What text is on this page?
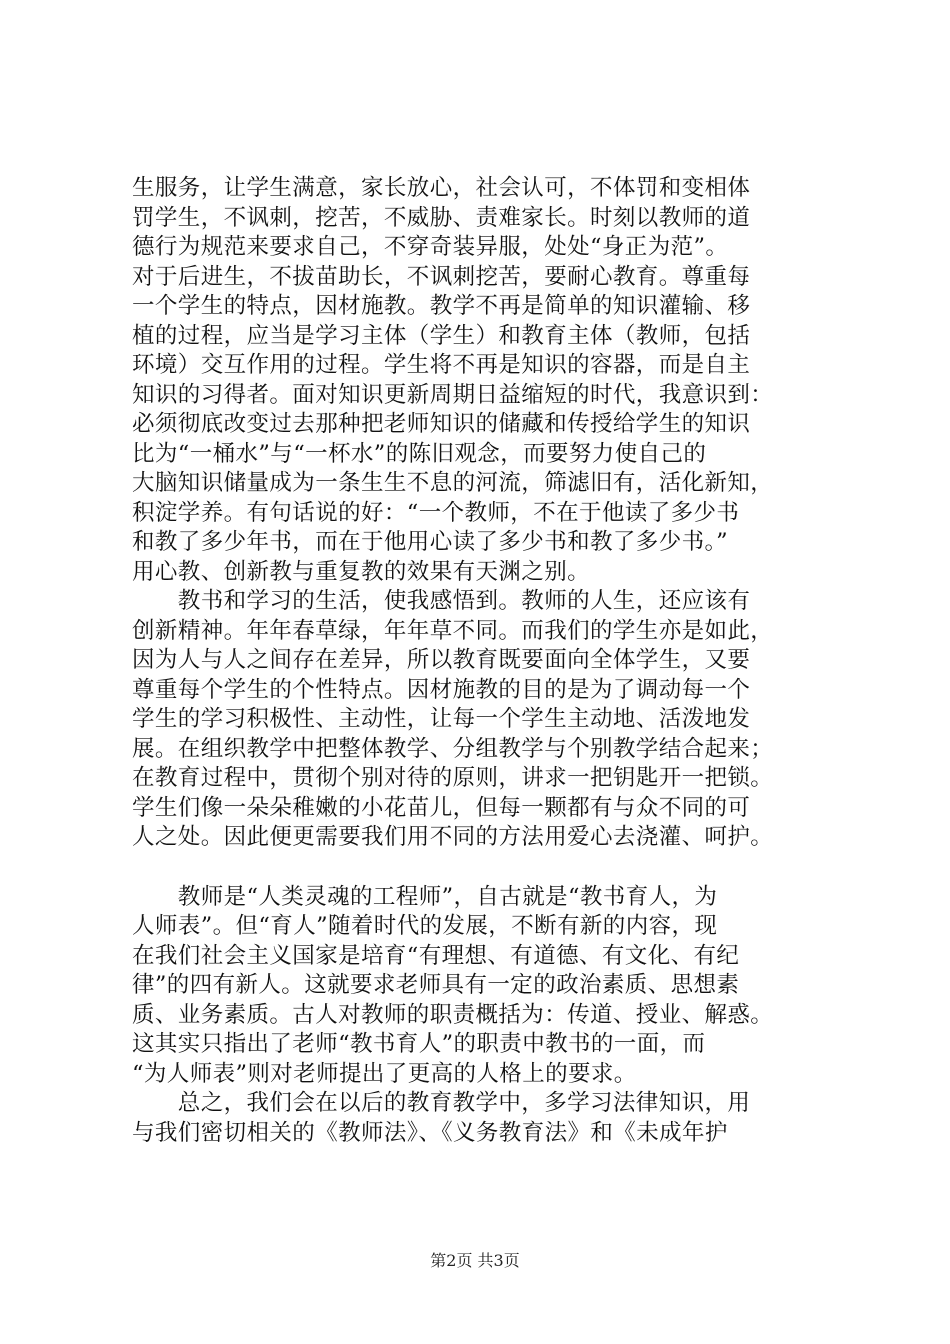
生服务，让学生满意，家长放心，社会认可，不体罚和变相体
罚学生，不讽刺，挖苦，不威胁、责难家长。时刻以教师的道
德行为规范来要求自己，不穿奇装异服，处处“身正为范”。
对于后进生，不拔苗助长，不讽刺挖苦，要耐心教育。尊重每
一个学生的特点，因材施教。教学不再是简单的知识灌输、移
植的过程，应当是学习主体（学生）和教育主体（教师，包括
环境）交互作用的过程。学生将不再是知识的容器，而是自主
知识的习得者。面对知识更新周期日益缩短的时代，我意识到：
必须彻底改变过去那种把老师知识的储藏和传授给学生的知识
比为“一桶水”与“一杯水”的陈旧观念，而要努力使自己的
大脑知识储量成为一条生生不息的河流，筛滤旧有，活化新知，
积淀学养。有句话说的好：“一个教师，不在于他读了多少书
和教了多少年书，而在于他用心读了多少书和教了多少书。”
用心教、创新教与重复教的效果有天渊之别。
　　教书和学习的生活，使我感悟到。教师的人生，还应该有
创新精神。年年春草绿，年年草不同。而我们的学生亦是如此，
因为人与人之间存在差异，所以教育既要面向全体学生，又要
尊重每个学生的个性特点。因材施教的目的是为了调动每一个
学生的学习积极性、主动性，让每一个学生主动地、活泼地发
展。在组织教学中把整体教学、分组教学与个别教学结合起来；
在教育过程中，贯彻个别对待的原则，讲求一把钥匙开一把锁。
学生们像一朵朵稚嫩的小花苗儿，但每一颗都有与众不同的可
人之处。因此便更需要我们用不同的方法用爱心去浇灌、呵护。
　　教师是“人类灵魂的工程师”，自古就是“教书育人，为
人师表”。但“育人”随着时代的发展，不断有新的内容，现
在我们社会主义国家是培育“有理想、有道德、有文化、有纪
律”的四有新人。这就要求老师具有一定的政治素质、思想素
质、业务素质。古人对教师的职责概括为：传道、授业、解惑。
这其实只指出了老师“教书育人”的职责中教书的一面，而
“为人师表”则对老师提出了更高的人格上的要求。
　　总之，我们会在以后的教育教学中，多学习法律知识，用
与我们密切相关的《教师法》、《义务教育法》和《未成年护
第2页 共3页
